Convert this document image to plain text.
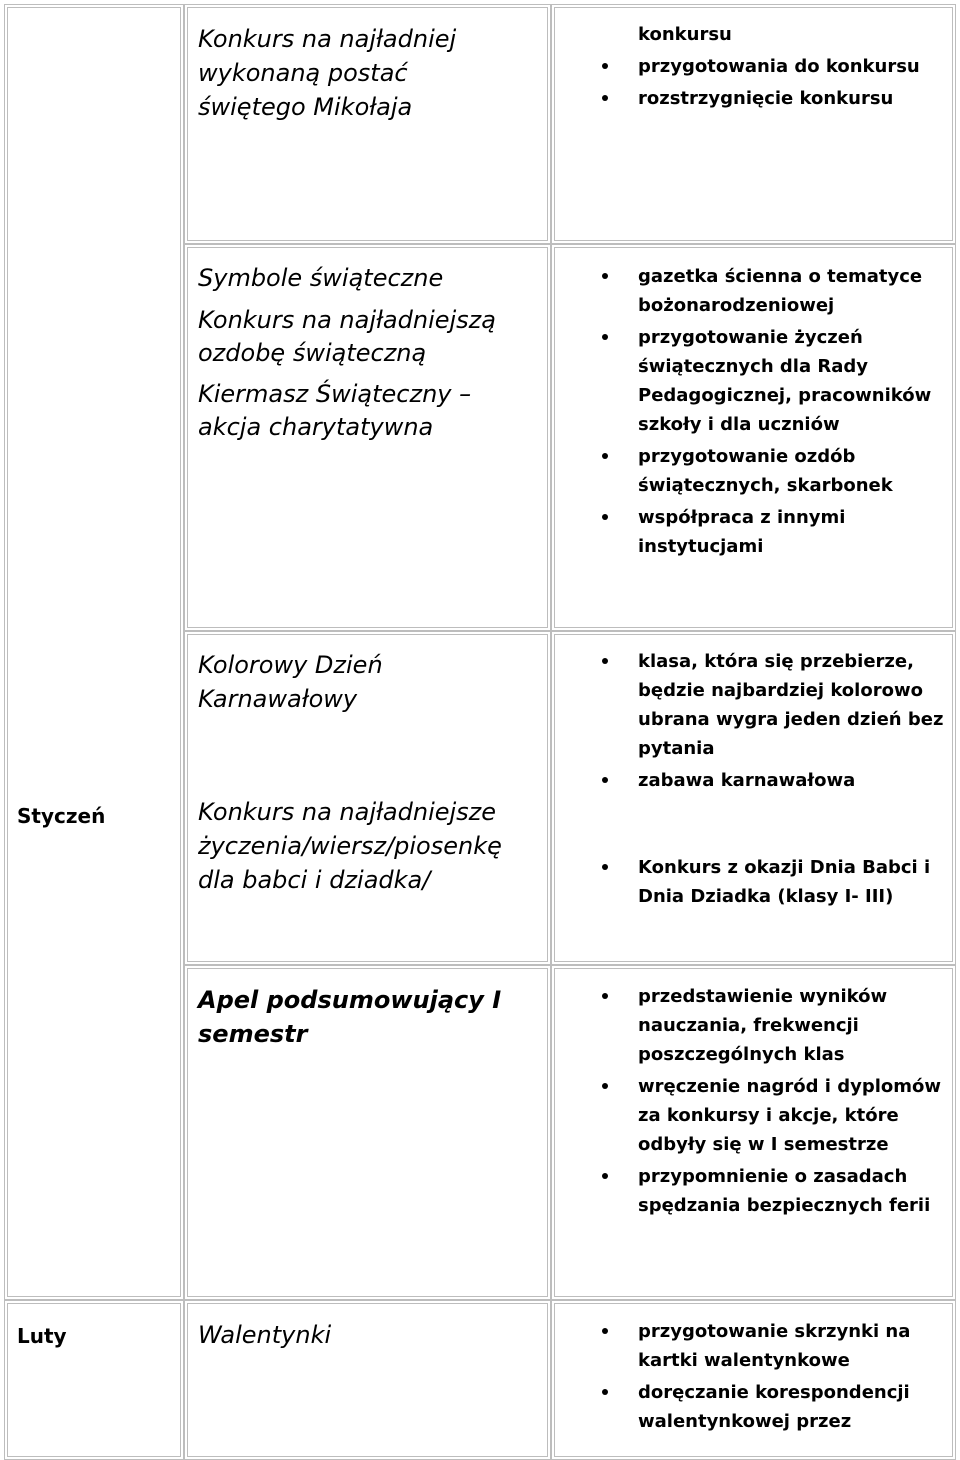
Konkurs na najładniej
wykonaną postać
świętego Mikołaja
konkursu
przygotowania do konkursu
rozstrzygnięcie konkursu
Symbole świąteczne
Konkurs na najładniejszą
ozdobę świąteczną
Kiermasz Świąteczny –
akcja charytatywna
gazetka ścienna o tematyce bożonarodzeniowej
przygotowanie życzeń świątecznych dla Rady Pedagogicznej, pracowników szkoły i dla uczniów
przygotowanie ozdób świątecznych, skarbonek
współpraca z innymi instytucjami
Styczeń
Kolorowy Dzień
Karnawałowy
Konkurs na najładniejsze
życzenia/wiersz/piosenkę
dla babci i dziadka/
klasa, która się przebierze, będzie najbardziej kolorowo ubrana wygra jeden dzień bez pytania
zabawa karnawałowa
Konkurs z okazji Dnia Babci i Dnia Dziadka (klasy I- III)
Apel podsumowujący I
semestr
przedstawienie wyników nauczania, frekwencji poszczególnych klas
wręczenie nagród i dyplomów za konkursy i akcje, które odbyły się w I semestrze
przypomnienie o zasadach spędzania bezpiecznych ferii
Luty	Walentynki	przygotowanie skrzynki na kartki walentynkowe
doręczanie korespondencji walentynkowej przez
